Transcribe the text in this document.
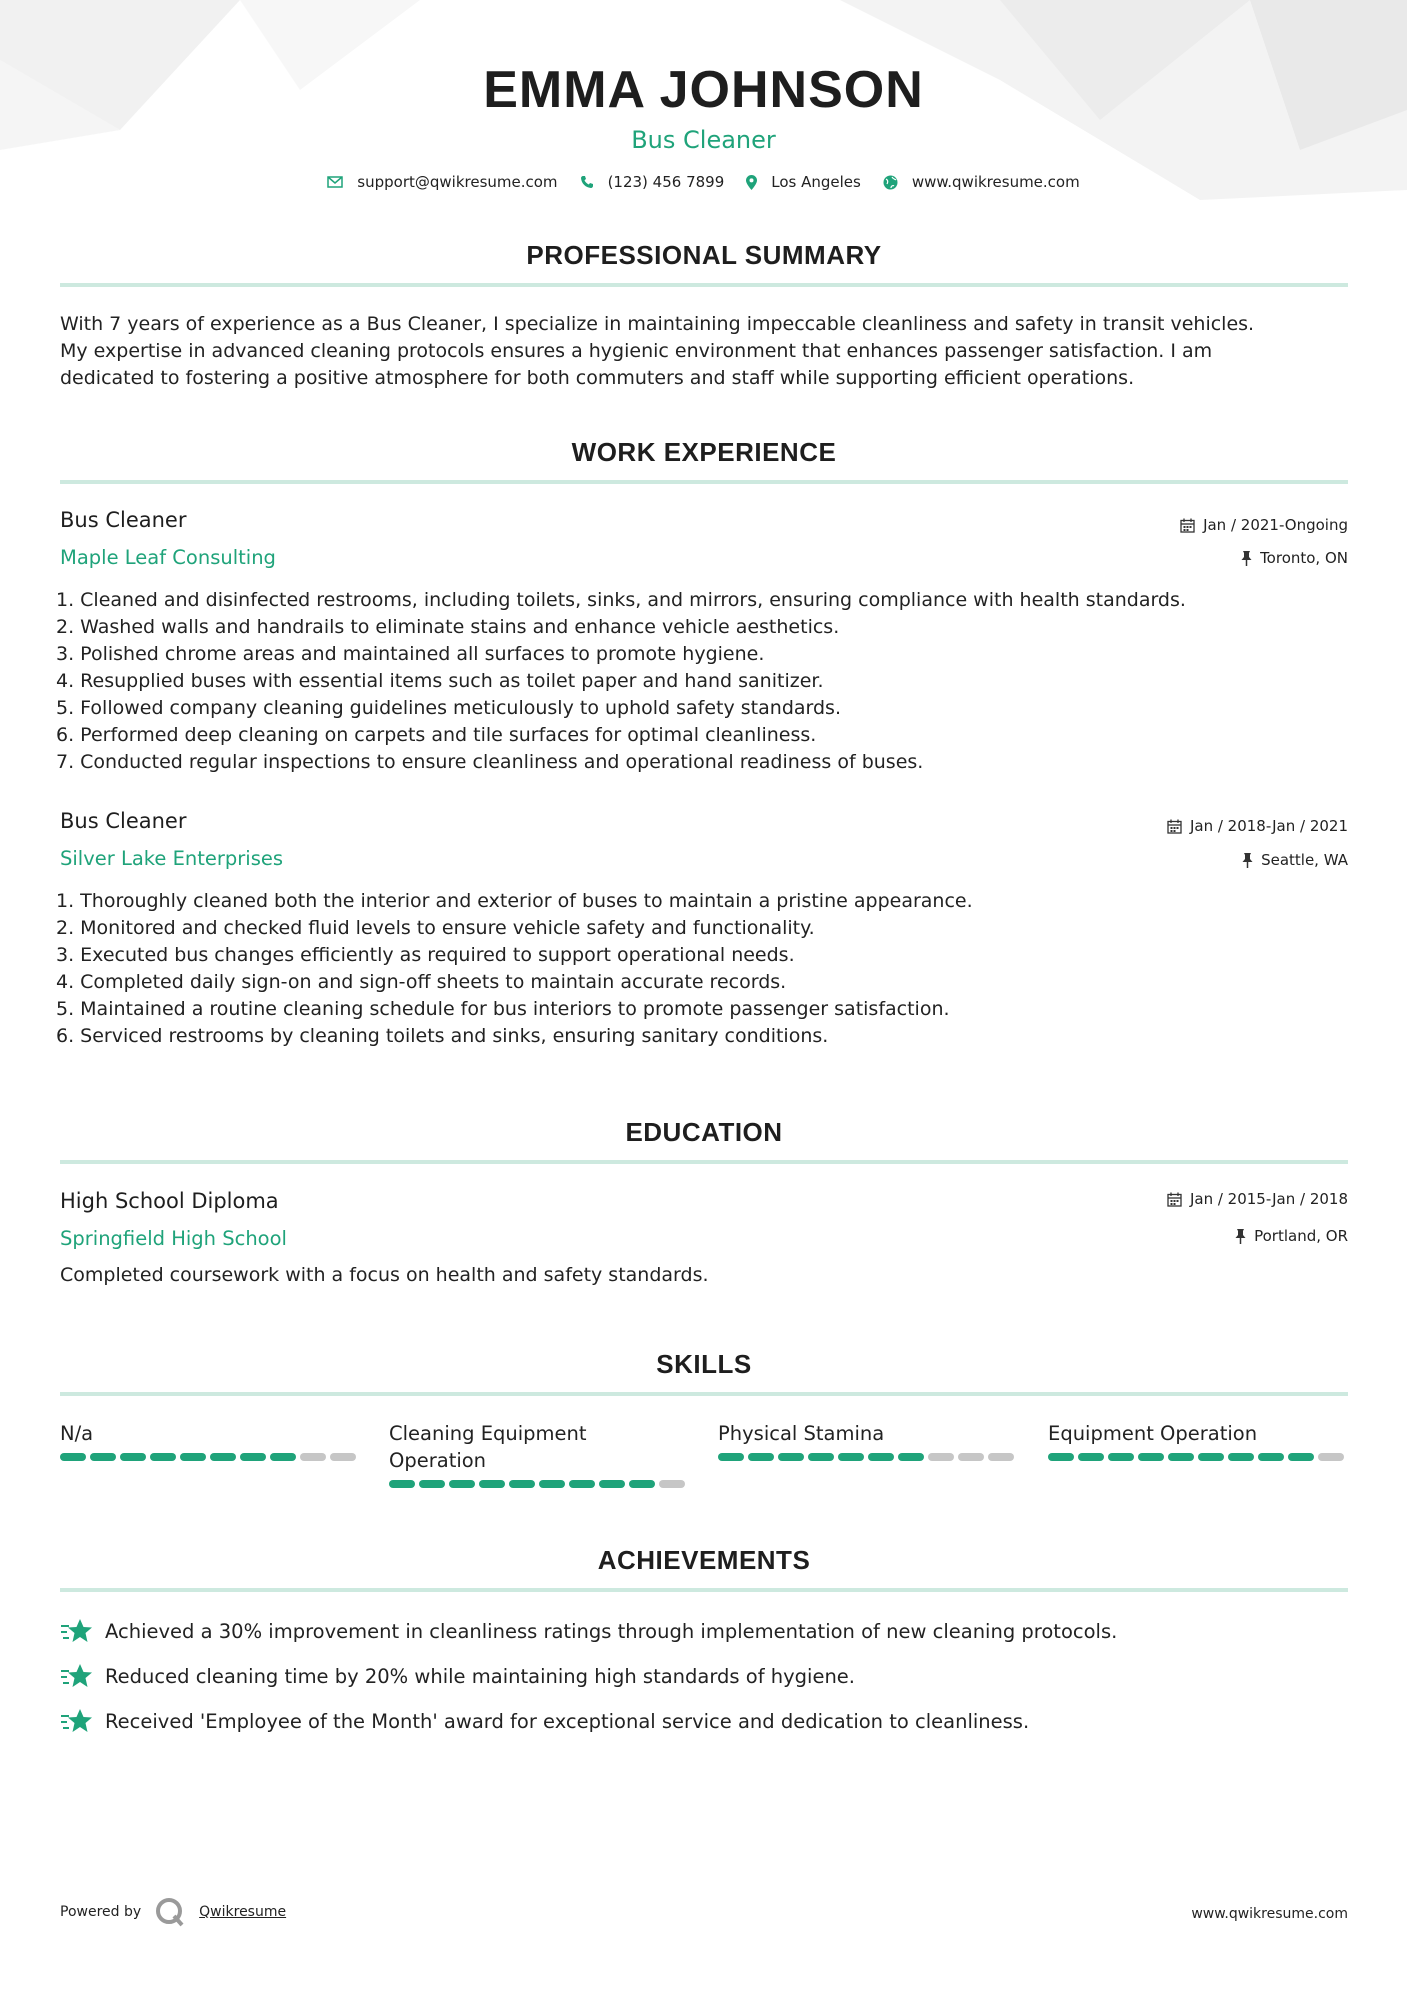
EMMA JOHNSON
Bus Cleaner
support@qwikresume.com	(123) 456 7899	Los Angeles	www.qwikresume.com
PROFESSIONAL SUMMARY
With 7 years of experience as a Bus Cleaner, I specialize in maintaining impeccable cleanliness and safety in transit vehicles.
My expertise in advanced cleaning protocols ensures a hygienic environment that enhances passenger satisfaction. I am
dedicated to fostering a positive atmosphere for both commuters and staff while supporting efficient operations.
WORK EXPERIENCE
Bus Cleaner
Maple Leaf Consulting
Jan / 2021-Ongoing
Toronto, ON
1. Cleaned and disinfected restrooms, including toilets, sinks, and mirrors, ensuring compliance with health standards.
2. Washed walls and handrails to eliminate stains and enhance vehicle aesthetics.
3. Polished chrome areas and maintained all surfaces to promote hygiene.
4. Resupplied buses with essential items such as toilet paper and hand sanitizer.
5. Followed company cleaning guidelines meticulously to uphold safety standards.
6. Performed deep cleaning on carpets and tile surfaces for optimal cleanliness.
7. Conducted regular inspections to ensure cleanliness and operational readiness of buses.
Bus Cleaner
Silver Lake Enterprises
Jan / 2018-Jan / 2021
Seattle, WA
1. Thoroughly cleaned both the interior and exterior of buses to maintain a pristine appearance.
2. Monitored and checked fluid levels to ensure vehicle safety and functionality.
3. Executed bus changes efficiently as required to support operational needs.
4. Completed daily sign-on and sign-off sheets to maintain accurate records.
5. Maintained a routine cleaning schedule for bus interiors to promote passenger satisfaction.
6. Serviced restrooms by cleaning toilets and sinks, ensuring sanitary conditions.
EDUCATION
High School Diploma
Springfield High School
Jan / 2015-Jan / 2018
Portland, OR
Completed coursework with a focus on health and safety standards.
SKILLS
N/a	Cleaning Equipment Operation
Physical Stamina	Equipment Operation
ACHIEVEMENTS
Achieved a 30% improvement in cleanliness ratings through implementation of new cleaning protocols.
Reduced cleaning time by 20% while maintaining high standards of hygiene.
Received 'Employee of the Month' award for exceptional service and dedication to cleanliness.
Powered by	Qwikresume	www.qwikresume.com
